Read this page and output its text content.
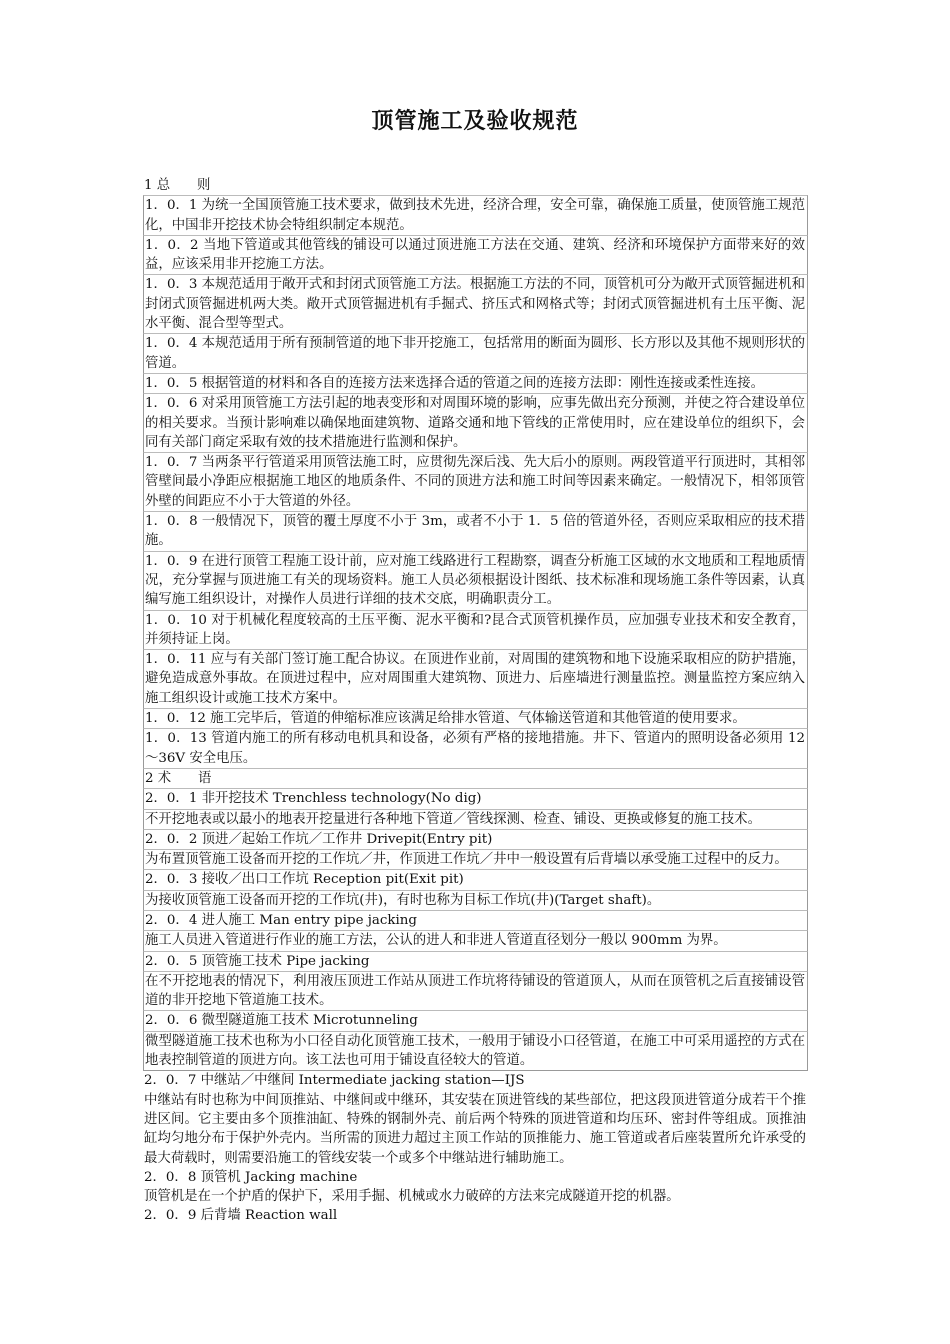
顶管施工及验收规范

1 总　　则

1．0．1 为统一全国顶管施工技术要求，做到技术先进，经济合理，安全可靠，确保施工质量，使顶管施工规范化，中国非开挖技术协会特组织制定本规范。

1．0．2 当地下管道或其他管线的铺设可以通过顶进施工方法在交通、建筑、经济和环境保护方面带来好的效益，应该采用非开挖施工方法。

1．0．3 本规范适用于敞开式和封闭式顶管施工方法。根据施工方法的不同，顶管机可分为敞开式顶管掘进机和封闭式顶管掘进机两大类。敞开式顶管掘进机有手掘式、挤压式和网格式等；封闭式顶管掘进机有土压平衡、泥水平衡、混合型等型式。

1．0．4 本规范适用于所有预制管道的地下非开挖施工，包括常用的断面为圆形、长方形以及其他不规则形状的管道。

1．0．5 根据管道的材料和各自的连接方法来选择合适的管道之间的连接方法即：刚性连接或柔性连接。

1．0．6 对采用顶管施工方法引起的地表变形和对周围环境的影响，应事先做出充分预测，并使之符合建设单位的相关要求。当预计影响难以确保地面建筑物、道路交通和地下管线的正常使用时，应在建设单位的组织下，会同有关部门商定采取有效的技术措施进行监测和保护。

1．0．7 当两条平行管道采用顶管法施工时，应贯彻先深后浅、先大后小的原则。两段管道平行顶进时，其相邻管壁间最小净距应根据施工地区的地质条件、不同的顶进方法和施工时间等因素来确定。一般情况下，相邻顶管外壁的间距应不小于大管道的外径。

1．0．8 一般情况下，顶管的覆土厚度不小于 3m，或者不小于 1．5 倍的管道外径，否则应采取相应的技术措施。

1．0．9 在进行顶管工程施工设计前，应对施工线路进行工程勘察，调查分析施工区域的水文地质和工程地质情况，充分掌握与顶进施工有关的现场资料。施工人员必须根据设计图纸、技术标准和现场施工条件等因素，认真编写施工组织设计，对操作人员进行详细的技术交底，明确职责分工。

1．0．10 对于机械化程度较高的土压平衡、泥水平衡和?昆合式顶管机操作员，应加强专业技术和安全教育，并须持证上岗。

1．0．11 应与有关部门签订施工配合协议。在顶进作业前，对周围的建筑物和地下设施采取相应的防护措施，避免造成意外事故。在顶进过程中，应对周围重大建筑物、顶进力、后座墙进行测量监控。测量监控方案应纳入施工组织设计或施工技术方案中。

1．0．12 施工完毕后，管道的伸缩标准应该满足给排水管道、气体输送管道和其他管道的使用要求。

1．0．13 管道内施工的所有移动电机具和设备，必须有严格的接地措施。井下、管道内的照明设备必须用 12～36V 安全电压。

2 术　　语

2．0．1 非开挖技术 Trenchless technology(No dig)

不开挖地表或以最小的地表开挖量进行各种地下管道／管线探测、检查、铺设、更换或修复的施工技术。

2．0．2 顶进／起始工作坑／工作井 Drivepit(Entry pit)

为布置顶管施工设备而开挖的工作坑／井，作顶进工作坑／井中一般设置有后背墙以承受施工过程中的反力。

2．0．3 接收／出口工作坑 Reception pit(Exit pit)

为接收顶管施工设备而开挖的工作坑(井)，有时也称为目标工作坑(井)(Target shaft)。

2．0．4 进人施工 Man entry pipe jacking

施工人员进入管道进行作业的施工方法，公认的进人和非进人管道直径划分一般以 900mm 为界。

2．0．5 顶管施工技术 Pipe jacking

在不开挖地表的情况下，利用液压顶进工作站从顶进工作坑将待铺设的管道顶人，从而在顶管机之后直接铺设管道的非开挖地下管道施工技术。

2．0．6 微型隧道施工技术 Microtunneling

微型隧道施工技术也称为小口径自动化顶管施工技术，一般用于铺设小口径管道，在施工中可采用遥控的方式在地表控制管道的顶进方向。该工法也可用于铺设直径较大的管道。

2．0．7 中继站／中继间 Intermediate jacking station—IJS

中继站有时也称为中间顶推站、中继间或中继环，其安装在顶进管线的某些部位，把这段顶进管道分成若干个推进区间。它主要由多个顶推油缸、特殊的钢制外壳、前后两个特殊的顶进管道和均压环、密封件等组成。顶推油缸均匀地分布于保护外壳内。当所需的顶进力超过主顶工作站的顶推能力、施工管道或者后座装置所允许承受的最大荷载时，则需要沿施工的管线安装一个或多个中继站进行辅助施工。

2．0．8 顶管机 Jacking machine

顶管机是在一个护盾的保护下，采用手掘、机械或水力破碎的方法来完成隧道开挖的机器。

2．0．9 后背墙 Reaction wall
